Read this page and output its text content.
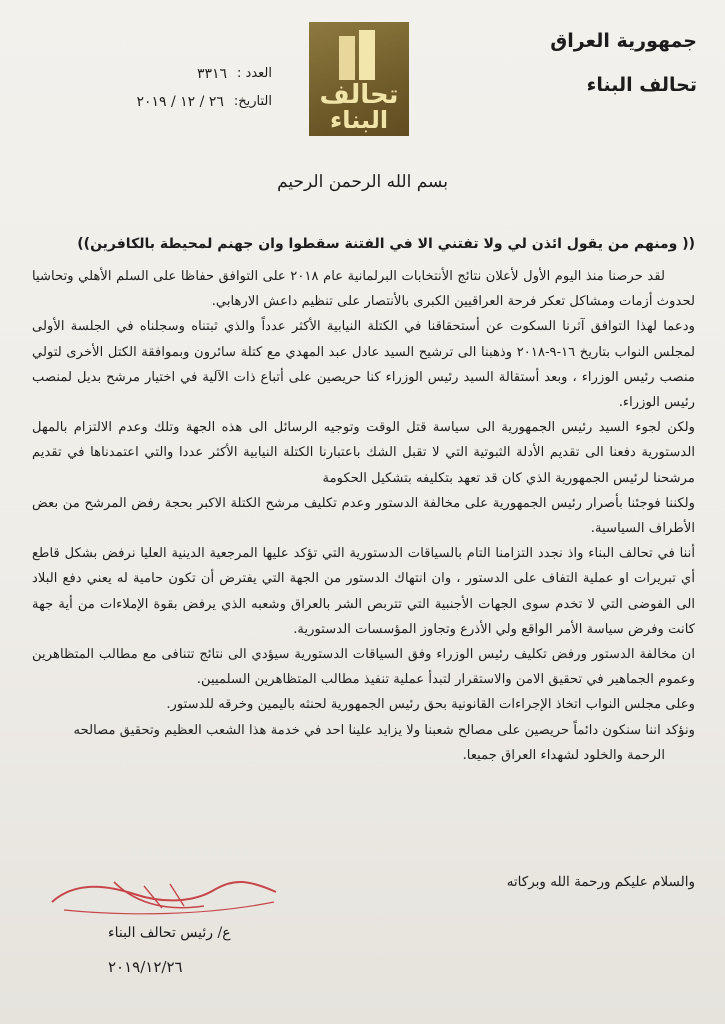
جمهورية العراق
تحالف البناء
تحالف
البناء
العدد :
٣٣١٦
التاريخ:
٢٦ / ١٢ / ٢٠١٩
بسم الله الرحمن الرحيم
(( ومنهم من يقول ائذن لي ولا تفتني الا في الفتنة سقطوا وان جهنم لمحيطة بالكافرين))

لقد حرصنا منذ اليوم الأول لأعلان نتائج الأنتخابات البرلمانية عام ٢٠١٨ على التوافق حفاظا على السلم الأهلي وتحاشيا لحدوث أزمات ومشاكل تعكر فرحة العراقيين الكبرى بالأنتصار على تنظيم داعش الارهابي.

ودعما لهذا التوافق آثرنا السكوت عن أستحقاقنا في الكتلة النيابية الأكثر عدداً والذي ثبتناه وسجلناه في الجلسة الأولى لمجلس النواب بتاريخ ١٦-٩-٢٠١٨ وذهبنا الى ترشيح السيد عادل عبد المهدي مع كتلة سائرون وبموافقة الكتل الأخرى لتولي منصب رئيس الوزراء ، وبعد أستقالة السيد رئيس الوزراء كنا حريصين على أتباع ذات الآلية في اختيار مرشح بديل لمنصب رئيس الوزراء.

ولكن لجوء السيد رئيس الجمهورية الى سياسة قتل الوقت وتوجيه الرسائل الى هذه الجهة وتلك وعدم الالتزام بالمهل الدستورية دفعنا الى تقديم الأدلة الثبوتية التي لا تقبل الشك باعتبارنا الكتلة النيابية الأكثر عددا والتي اعتمدناها في تقديم مرشحنا لرئيس الجمهورية الذي كان قد تعهد بتكليفه بتشكيل الحكومة

ولكننا فوجئنا بأصرار رئيس الجمهورية على مخالفة الدستور وعدم تكليف مرشح الكتلة الاكبر بحجة رفض المرشح من بعض الأطراف السياسية.

أننا في تحالف البناء واذ نجدد التزامنا التام بالسياقات الدستورية التي تؤكد عليها المرجعية الدينية العليا نرفض بشكل قاطع أي تبريرات او عملية التفاف على الدستور ، وان انتهاك الدستور من الجهة التي يفترض أن تكون حامية له يعني دفع البلاد الى الفوضى التي لا تخدم سوى الجهات الأجنبية التي تتربص الشر بالعراق وشعبه الذي يرفض بقوة الإملاءات من أية جهة كانت وفرض سياسة الأمر الواقع ولي الأذرع وتجاوز المؤسسات الدستورية.

ان مخالفة الدستور ورفض تكليف رئيس الوزراء وفق السياقات الدستورية سيؤدي الى نتائج تتنافى مع مطالب المتظاهرين وعموم الجماهير في تحقيق الامن والاستقرار لتبدأ عملية تنفيذ مطالب المتظاهرين السلميين.

وعلى مجلس النواب اتخاذ الإجراءات القانونية بحق رئيس الجمهورية لحنثه باليمين وخرقه للدستور.

ونؤكد اننا سنكون دائماً حريصين على مصالح شعبنا ولا يزايد علينا احد في خدمة هذا الشعب العظيم وتحقيق مصالحه

الرحمة والخلود لشهداء العراق جميعا.

والسلام عليكم ورحمة الله وبركاته
ع/ رئيس تحالف البناء
٢٠١٩/١٢/٢٦
